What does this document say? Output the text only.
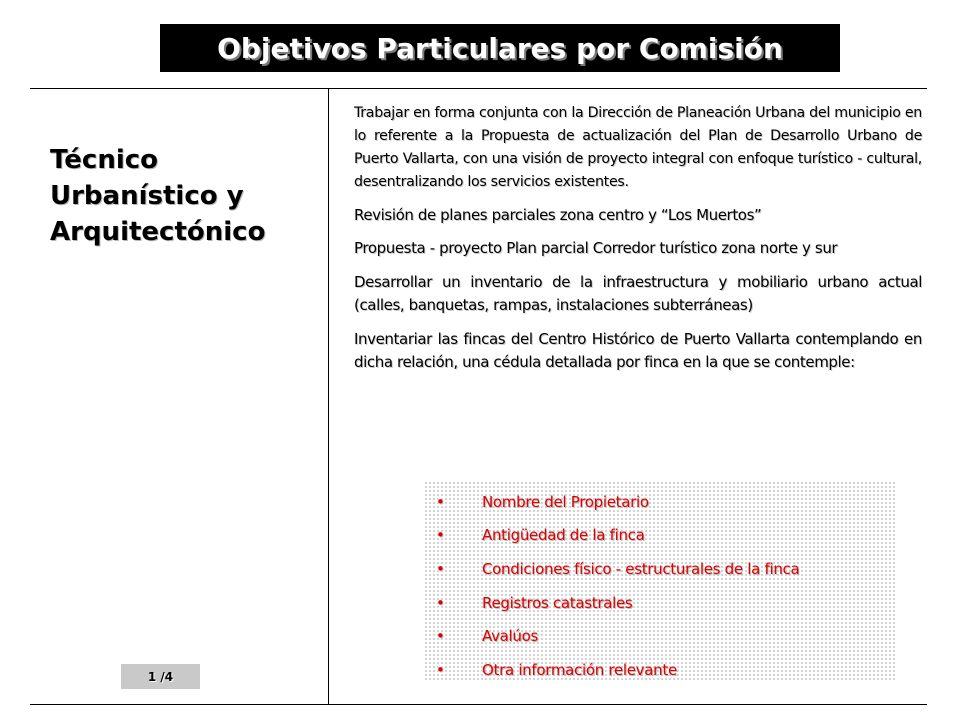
Objetivos Particulares por Comisión
Técnico Urbanístico y Arquitectónico
1 /4
Trabajar en forma conjunta con la Dirección de Planeación Urbana del municipio en lo referente a la Propuesta de actualización del Plan de Desarrollo Urbano de Puerto Vallarta, con una visión de proyecto integral con enfoque turístico - cultural, desentralizando los servicios existentes.
Revisión de planes parciales zona centro y “Los Muertos”
Propuesta - proyecto Plan parcial Corredor turístico zona norte y sur
Desarrollar un inventario de la infraestructura y mobiliario urbano actual (calles, banquetas, rampas, instalaciones subterráneas)
Inventariar las fincas del Centro Histórico de Puerto Vallarta contemplando en dicha relación, una cédula detallada por finca en la que se contemple:
•	Nombre del Propietario
•	Antigüedad de la finca
•	Condiciones físico - estructurales de la finca
•	Registros catastrales
•	Avalúos
•	Otra información relevante
